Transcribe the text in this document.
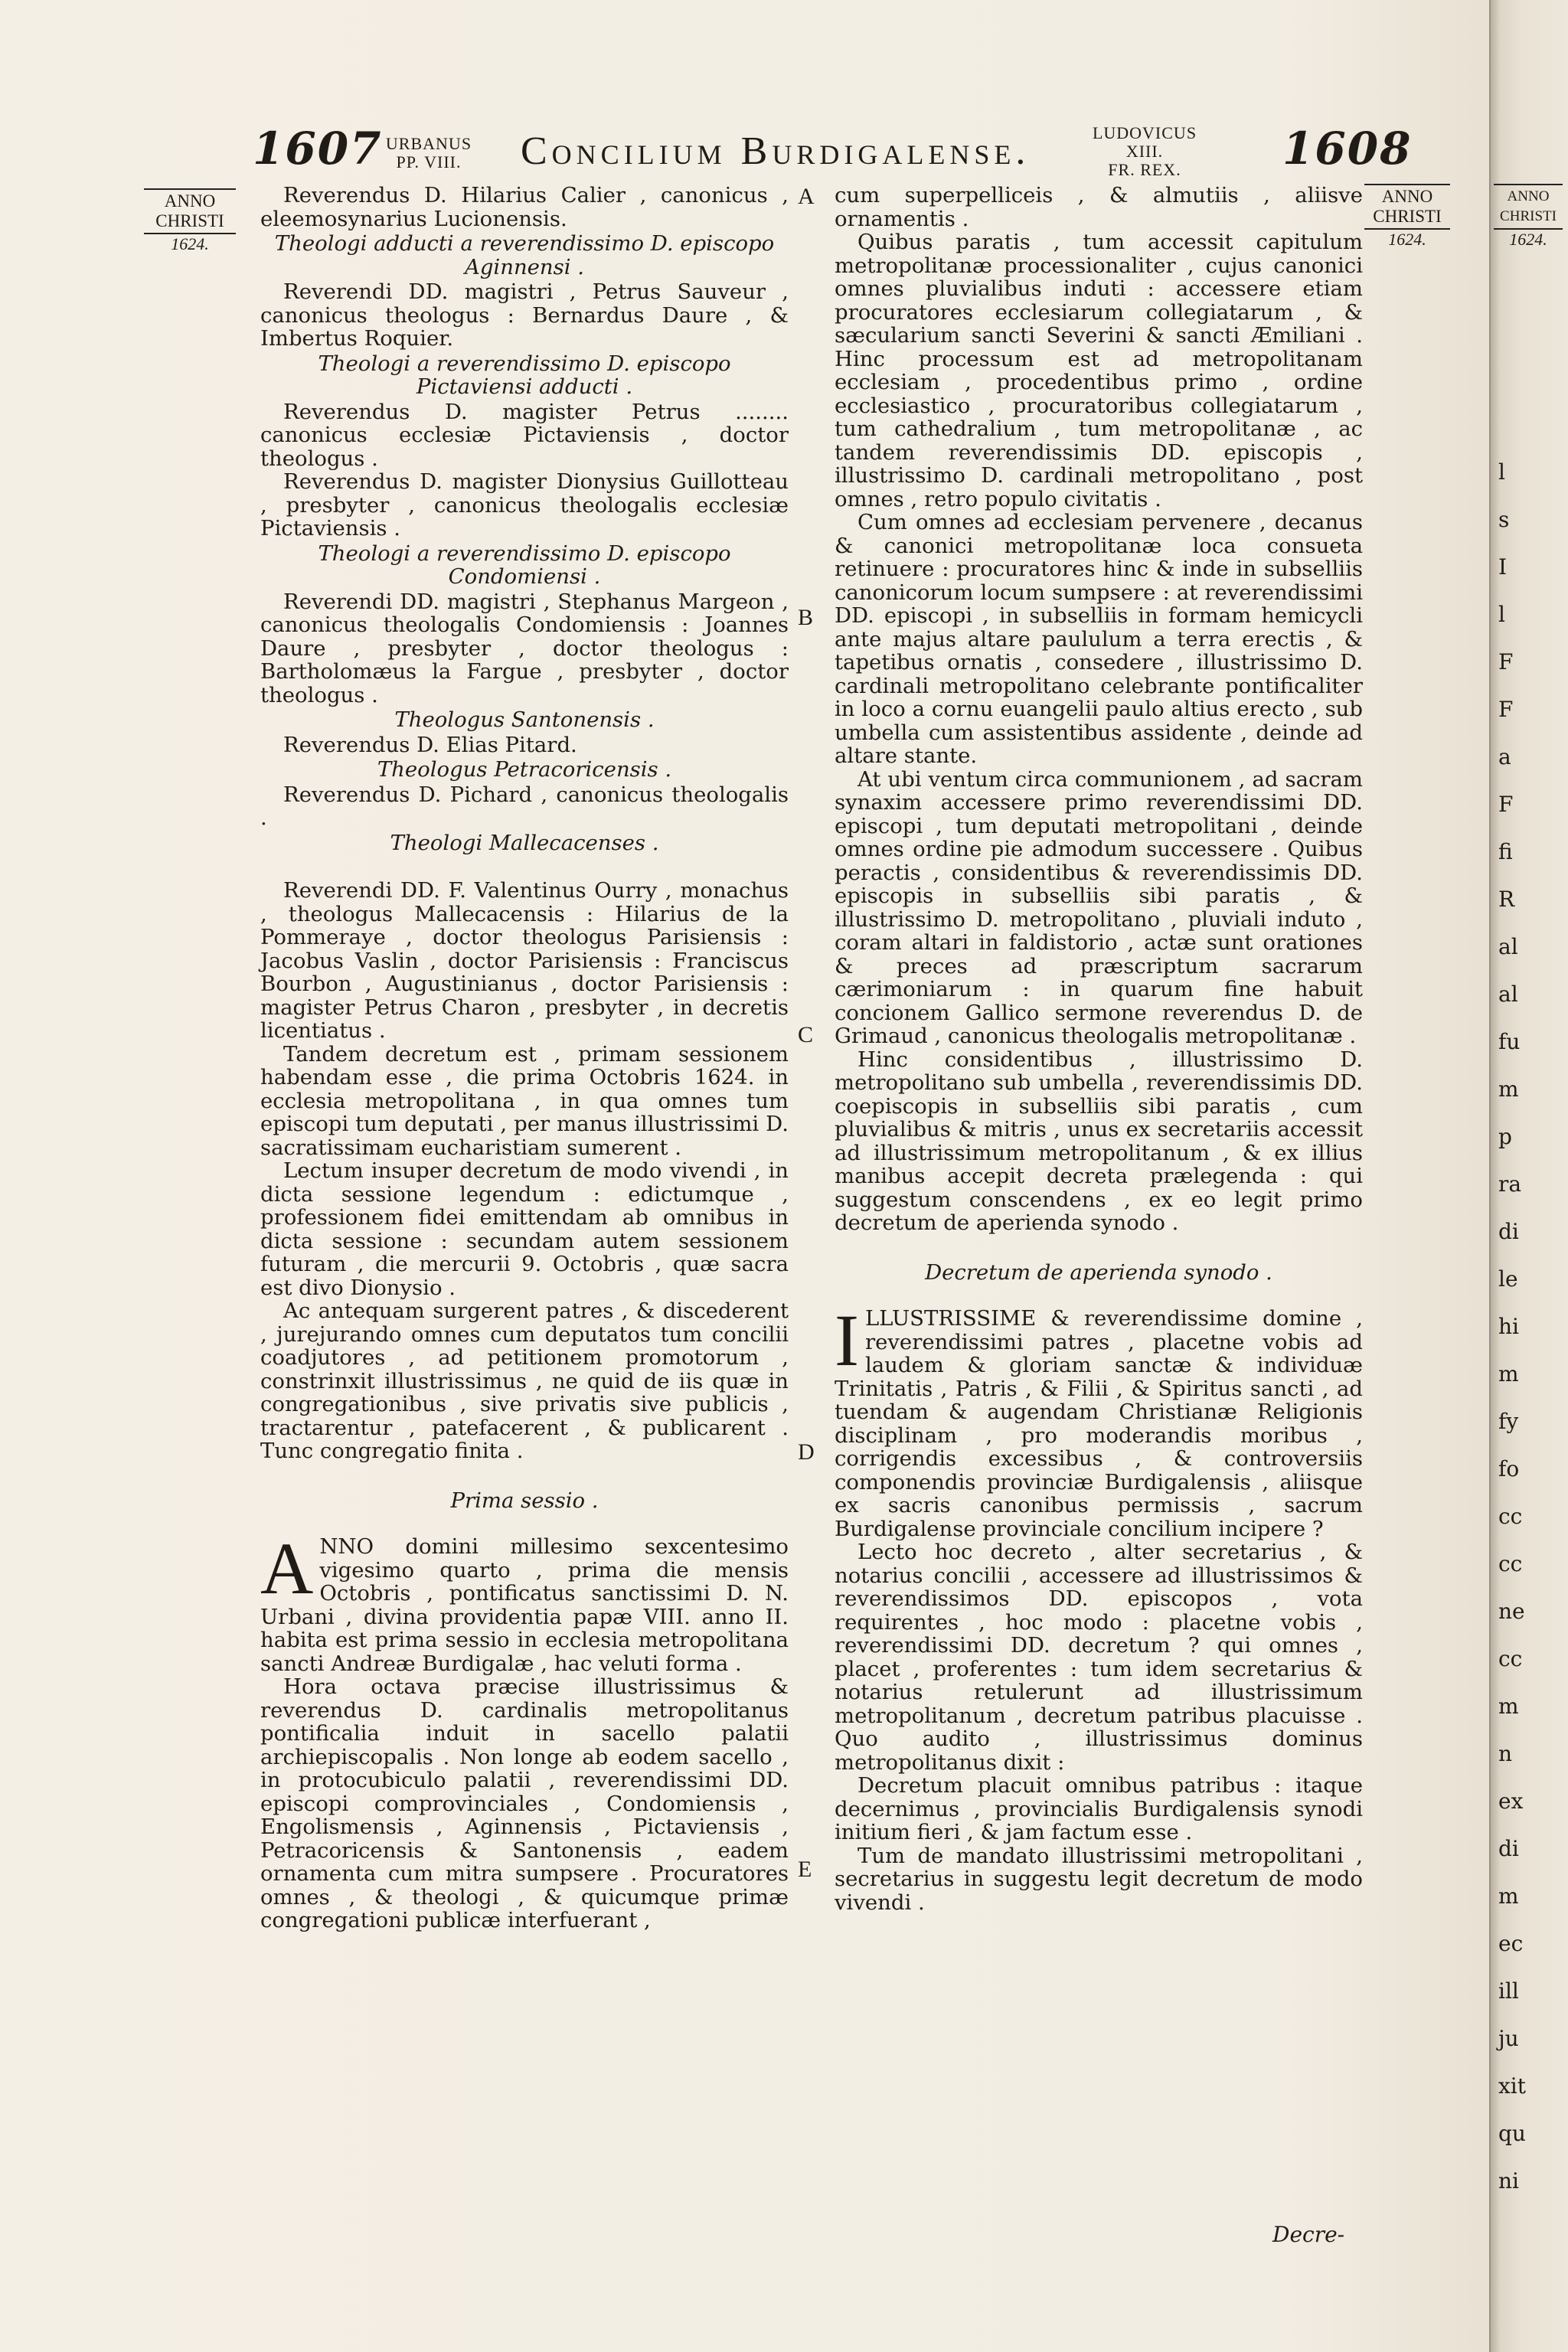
1607 URBANUS
PP. VIII.	Concilium Burdigalense.	LUDOVICUS XIII.
FR. REX.	1608
ANNO
CHRISTI
1624.
ANNO
CHRISTI
1624.
A
B
C
D
E

Reverendus D. Hilarius Calier , canonicus , eleemosynarius Lucionensis.

Theologi adducti a reverendissimo D. episcopo Aginnensi .

Reverendi DD. magistri , Petrus Sauveur , canonicus theologus : Bernardus Daure , & Imbertus Roquier.

Theologi a reverendissimo D. episcopo Pictaviensi adducti .

Reverendus D. magister Petrus ........ canonicus ecclesiæ Pictaviensis , doctor theologus .

Reverendus D. magister Dionysius Guillotteau , presbyter , canonicus theologalis ecclesiæ Pictaviensis .

Theologi a reverendissimo D. episcopo Condomiensi .

Reverendi DD. magistri , Stephanus Margeon , canonicus theologalis Condomiensis : Joannes Daure , presbyter , doctor theologus : Bartholomæus la Fargue , presbyter , doctor theologus .

Theologus Santonensis .

Reverendus D. Elias Pitard.

Theologus Petracoricensis .

Reverendus D. Pichard , canonicus theologalis .

Theologi Mallecacenses .

Reverendi DD. F. Valentinus Ourry , monachus , theologus Mallecacensis : Hilarius de la Pommeraye , doctor theologus Parisiensis : Jacobus Vaslin , doctor Parisiensis : Franciscus Bourbon , Augustinianus , doctor Parisiensis : magister Petrus Charon , presbyter , in decretis licentiatus .

Tandem decretum est , primam sessionem habendam esse , die prima Octobris 1624. in ecclesia metropolitana , in qua omnes tum episcopi tum deputati , per manus illustrissimi D. sacratissimam eucharistiam sumerent .

Lectum insuper decretum de modo vivendi , in dicta sessione legendum : edictumque , professionem fidei emittendam ab omnibus in dicta sessione : secundam autem sessionem futuram , die mercurii 9. Octobris , quæ sacra est divo Dionysio .

Ac antequam surgerent patres , & discederent , jurejurando omnes cum deputatos tum concilii coadjutores , ad petitionem promotorum , constrinxit illustrissimus , ne quid de iis quæ in congregationibus , sive privatis sive publicis , tractarentur , patefacerent , & publicarent . Tunc congregatio finita .

Prima sessio .

ANNO domini millesimo sexcentesimo vigesimo quarto , prima die mensis Octobris , pontificatus sanctissimi D. N. Urbani , divina providentia papæ VIII. anno II. habita est prima sessio in ecclesia metropolitana sancti Andreæ Burdigalæ , hac veluti forma .

Hora octava præcise illustrissimus & reverendus D. cardinalis metropolitanus pontificalia induit in sacello palatii archiepiscopalis . Non longe ab eodem sacello , in protocubiculo palatii , reverendissimi DD. episcopi comprovinciales , Condomiensis , Engolismensis , Aginnensis , Pictaviensis , Petracoricensis & Santonensis , eadem ornamenta cum mitra sumpsere . Procuratores omnes , & theologi , & quicumque primæ congregationi publicæ interfuerant ,

cum superpelliceis , & almutiis , aliisve ornamentis .

Quibus paratis , tum accessit capitulum metropolitanæ processionaliter , cujus canonici omnes pluvialibus induti : accessere etiam procuratores ecclesiarum collegiatarum , & sæcularium sancti Severini & sancti Æmiliani . Hinc processum est ad metropolitanam ecclesiam , procedentibus primo , ordine ecclesiastico , procuratoribus collegiatarum , tum cathedralium , tum metropolitanæ , ac tandem reverendissimis DD. episcopis , illustrissimo D. cardinali metropolitano , post omnes , retro populo civitatis .

Cum omnes ad ecclesiam pervenere , decanus & canonici metropolitanæ loca consueta retinuere : procuratores hinc & inde in subselliis canonicorum locum sumpsere : at reverendissimi DD. episcopi , in subselliis in formam hemicycli ante majus altare paululum a terra erectis , & tapetibus ornatis , consedere , illustrissimo D. cardinali metropolitano celebrante pontificaliter in loco a cornu euangelii paulo altius erecto , sub umbella cum assistentibus assidente , deinde ad altare stante.

At ubi ventum circa communionem , ad sacram synaxim accessere primo reverendissimi DD. episcopi , tum deputati metropolitani , deinde omnes ordine pie admodum successere . Quibus peractis , considentibus & reverendissimis DD. episcopis in subselliis sibi paratis , & illustrissimo D. metropolitano , pluviali induto , coram altari in faldistorio , actæ sunt orationes & preces ad præscriptum sacrarum cærimoniarum : in quarum fine habuit concionem Gallico sermone reverendus D. de Grimaud , canonicus theologalis metropolitanæ .

Hinc considentibus , illustrissimo D. metropolitano sub umbella , reverendissimis DD. coepiscopis in subselliis sibi paratis , cum pluvialibus & mitris , unus ex secretariis accessit ad illustrissimum metropolitanum , & ex illius manibus accepit decreta prælegenda : qui suggestum conscendens , ex eo legit primo decretum de aperienda synodo .

Decretum de aperienda synodo .

ILLUSTRISSIME & reverendissime domine , reverendissimi patres , placetne vobis ad laudem & gloriam sanctæ & individuæ Trinitatis , Patris , & Filii , & Spiritus sancti , ad tuendam & augendam Christianæ Religionis disciplinam , pro moderandis moribus , corrigendis excessibus , & controversiis componendis provinciæ Burdigalensis , aliisque ex sacris canonibus permissis , sacrum Burdigalense provinciale concilium incipere ?

Lecto hoc decreto , alter secretarius , & notarius concilii , accessere ad illustrissimos & reverendissimos DD. episcopos , vota requirentes , hoc modo : placetne vobis , reverendissimi DD. decretum ? qui omnes , placet , proferentes : tum idem secretarius & notarius retulerunt ad illustrissimum metropolitanum , decretum patribus placuisse . Quo audito , illustrissimus dominus metropolitanus dixit :

Decretum placuit omnibus patribus : itaque decernimus , provincialis Burdigalensis synodi initium fieri , & jam factum esse .

Tum de mandato illustrissimi metropolitani , secretarius in suggestu legit decretum de modo vivendi .

Decre-
ANNO
CHRISTI
1624.
l
s
I
l
F
F
a
F
fi
R
al
al
fu
m
p
ra
di
le
hi
m
fy
fo
cc
cc
ne
cc
m
n
ex
di
m
ec
ill
ju
xit
qu
ni
